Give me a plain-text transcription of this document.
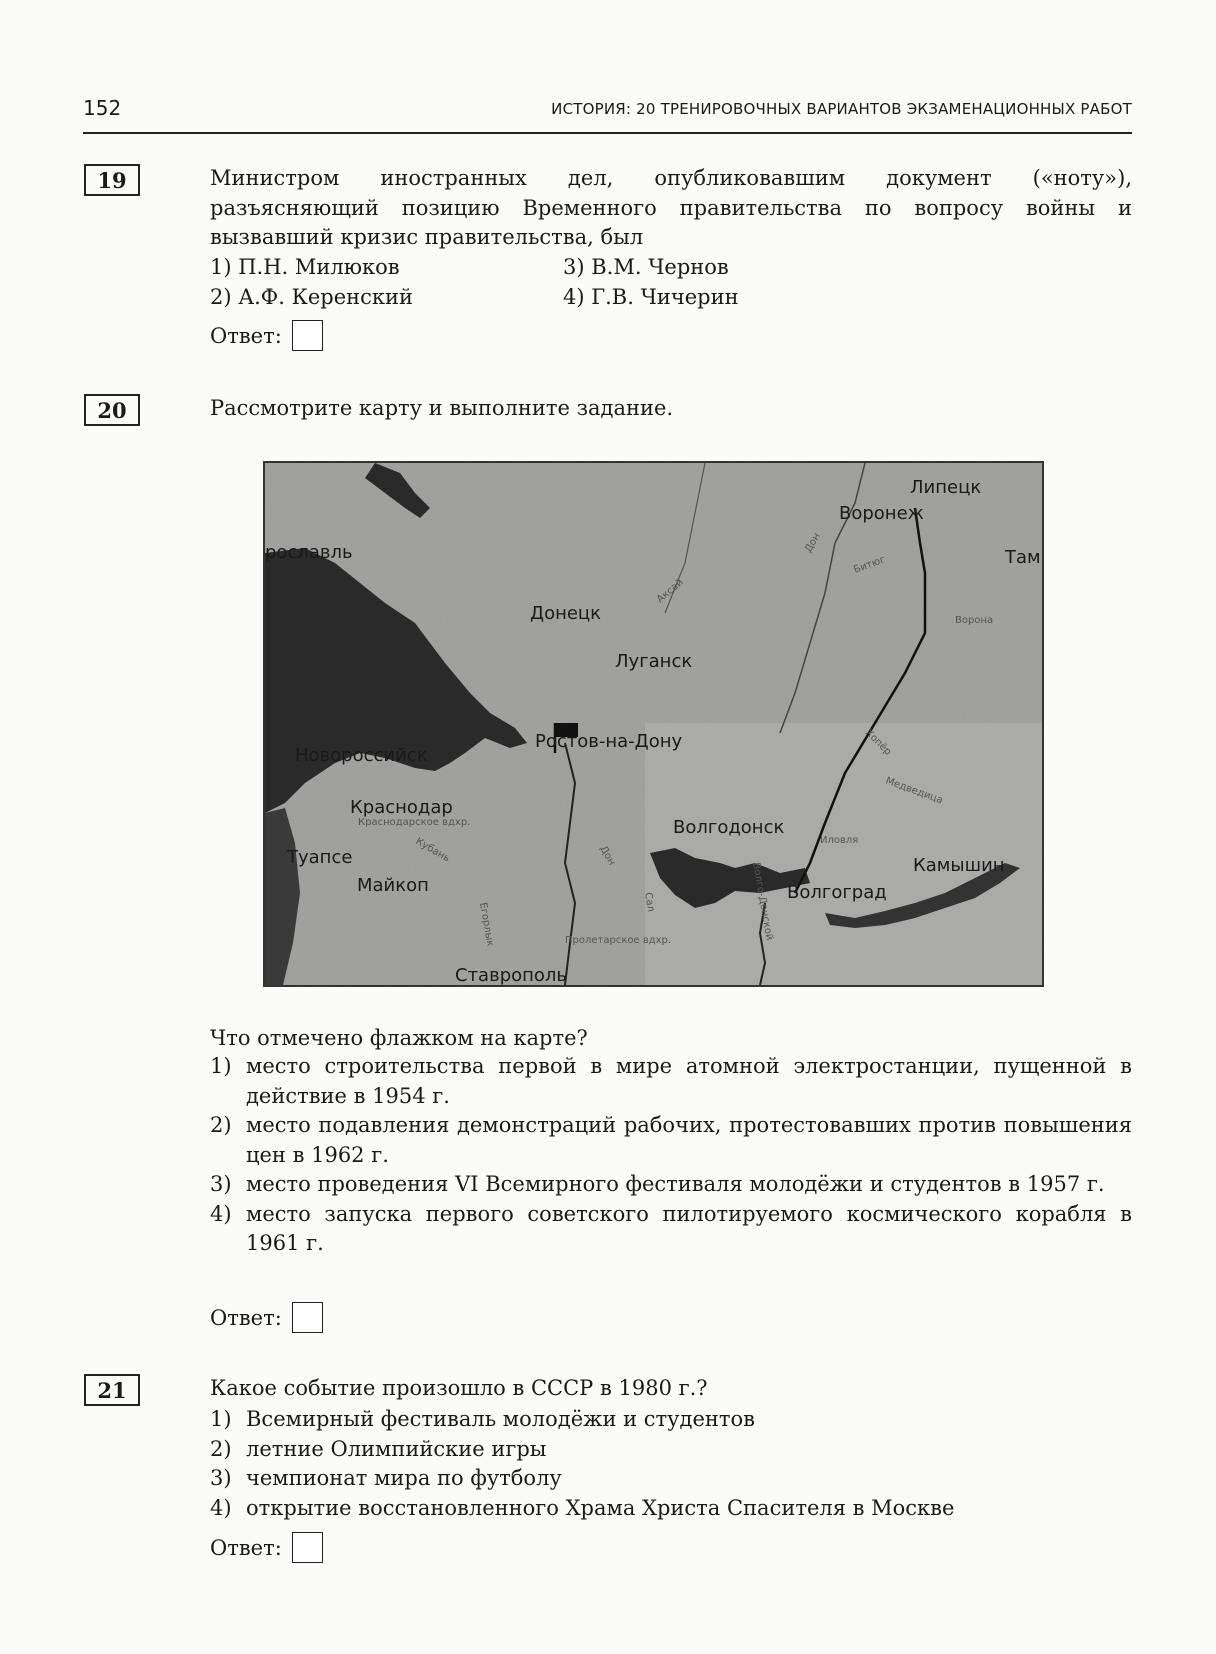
152	ИСТОРИЯ: 20 ТРЕНИРОВОЧНЫХ ВАРИАНТОВ ЭКЗАМЕНАЦИОННЫХ РАБОТ
19	Министром иностранных дел, опубликовавшим документ («ноту»), разъясняющий позицию Временного правительства по вопросу войны и вызвавший кризис правительства, был
1) П.Н. Милюков
2) А.Ф. Керенский
3) В.М. Чернов
4) Г.В. Чичерин
Ответ:
20	Рассмотрите карту и выполните задание.
Липецк
Воронеж
Там
рославль
Донецк
Луганск
Ростов-на-Дону
Новороссийск
Краснодар
Волгодонск
Туапсе
Майкоп
Камышин
Волгоград
Ставрополь
Дон
Дон
Битюг
Хопёр
Медведица
Ворона
Иловля
Аксай
Краснодарское вдхр.
Кубань
Сал
Егорлык	Пролетарское вдхр.	Волго-Донской
Что отмечено флажком на карте?
1) место строительства первой в мире атомной электростанции, пущенной в действие в 1954 г.
2) место подавления демонстраций рабочих, протестовавших против повышения цен в 1962 г.
3) место проведения VI Всемирного фестиваля молодёжи и студентов в 1957 г.
4) место запуска первого советского пилотируемого космического корабля в 1961 г.
Ответ:
21	Какое событие произошло в СССР в 1980 г.?
1) Всемирный фестиваль молодёжи и студентов
2) летние Олимпийские игры
3) чемпионат мира по футболу
4) открытие восстановленного Храма Христа Спасителя в Москве
Ответ:
